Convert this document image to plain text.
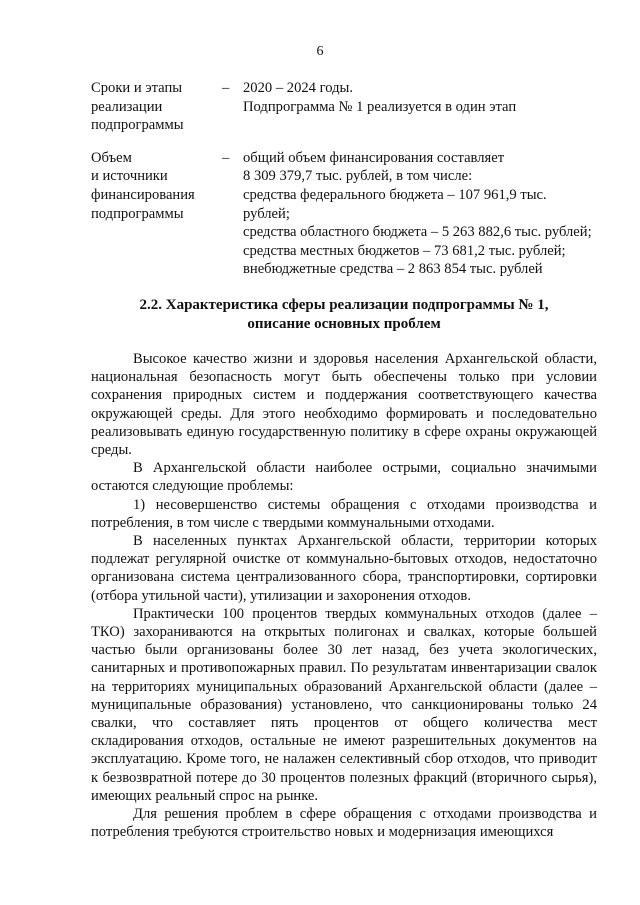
6
Сроки и этапы
реализации
подпрограммы
– 2020 – 2024 годы.
Подпрограмма № 1 реализуется в один этап
Объем
и источники
финансирования
подпрограммы
– общий объем финансирования составляет
8 309 379,7 тыс. рублей, в том числе:
средства федерального бюджета – 107 961,9 тыс.
рублей;
средства областного бюджета – 5 263 882,6 тыс. рублей;
средства местных бюджетов – 73 681,2 тыс. рублей;
внебюджетные средства – 2 863 854 тыс. рублей
2.2. Характеристика сферы реализации подпрограммы № 1,
описание основных проблем

Высокое качество жизни и здоровья населения Архангельской области, национальная безопасность могут быть обеспечены только при условии сохранения природных систем и поддержания соответствующего качества окружающей среды. Для этого необходимо формировать и последовательно реализовывать единую государственную политику в сфере охраны окружающей среды.

В Архангельской области наиболее острыми, социально значимыми остаются следующие проблемы:

1) несовершенство системы обращения с отходами производства и потребления, в том числе с твердыми коммунальными отходами.

В населенных пунктах Архангельской области, территории которых подлежат регулярной очистке от коммунально-бытовых отходов, недостаточно организована система централизованного сбора, транспортировки, сортировки (отбора утильной части), утилизации и захоронения отходов.

Практически 100 процентов твердых коммунальных отходов (далее – ТКО) захораниваются на открытых полигонах и свалках, которые большей частью были организованы более 30 лет назад, без учета экологических, санитарных и противопожарных правил. По результатам инвентаризации свалок на территориях муниципальных образований Архангельской области (далее – муниципальные образования) установлено, что санкционированы только 24 свалки, что составляет пять процентов от общего количества мест складирования отходов, остальные не имеют разрешительных документов на эксплуатацию. Кроме того, не налажен селективный сбор отходов, что приводит к безвозвратной потере до 30 процентов полезных фракций (вторичного сырья), имеющих реальный спрос на рынке.

Для решения проблем в сфере обращения с отходами производства и потребления требуются строительство новых и модернизация имеющихся
